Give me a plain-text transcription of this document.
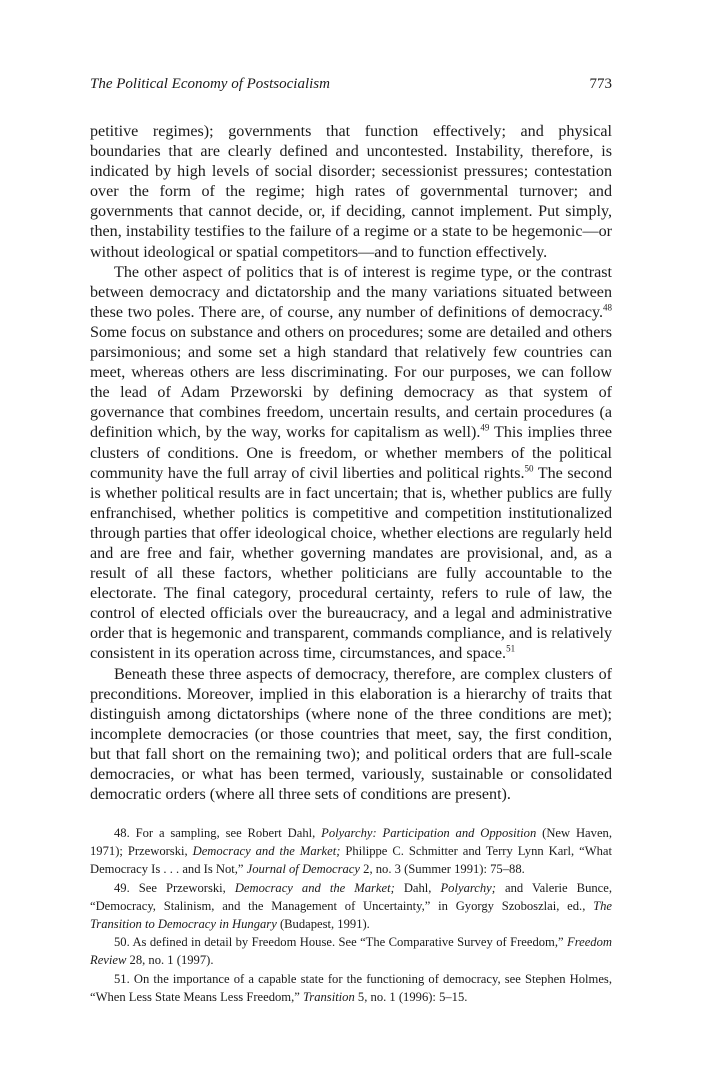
The Political Economy of Postsocialism	773

petitive regimes); governments that function effectively; and physical boundaries that are clearly defined and uncontested. Instability, therefore, is indicated by high levels of social disorder; secessionist pressures; contestation over the form of the regime; high rates of governmental turnover; and governments that cannot decide, or, if deciding, cannot implement. Put simply, then, instability testifies to the failure of a regime or a state to be hegemonic—or without ideological or spatial competitors—and to function effectively.

The other aspect of politics that is of interest is regime type, or the contrast between democracy and dictatorship and the many variations situated between these two poles. There are, of course, any number of definitions of democracy.$^{48}$ Some focus on substance and others on procedures; some are detailed and others parsimonious; and some set a high standard that relatively few countries can meet, whereas others are less discriminating. For our purposes, we can follow the lead of Adam Przeworski by defining democracy as that system of governance that combines freedom, uncertain results, and certain procedures (a definition which, by the way, works for capitalism as well).$^{49}$ This implies three clusters of conditions. One is freedom, or whether members of the political community have the full array of civil liberties and political rights.$^{50}$ The second is whether political results are in fact uncertain; that is, whether publics are fully enfranchised, whether politics is competitive and competition institutionalized through parties that offer ideological choice, whether elections are regularly held and are free and fair, whether governing mandates are provisional, and, as a result of all these factors, whether politicians are fully accountable to the electorate. The final category, procedural certainty, refers to rule of law, the control of elected officials over the bureaucracy, and a legal and administrative order that is hegemonic and transparent, commands compliance, and is relatively consistent in its operation across time, circumstances, and space.$^{51}$

Beneath these three aspects of democracy, therefore, are complex clusters of preconditions. Moreover, implied in this elaboration is a hierarchy of traits that distinguish among dictatorships (where none of the three conditions are met); incomplete democracies (or those countries that meet, say, the first condition, but that fall short on the remaining two); and political orders that are full-scale democracies, or what has been termed, variously, sustainable or consolidated democratic orders (where all three sets of conditions are present).

48. For a sampling, see Robert Dahl, Polyarchy: Participation and Opposition (New Haven, 1971); Przeworski, Democracy and the Market; Philippe C. Schmitter and Terry Lynn Karl, “What Democracy Is . . . and Is Not,” Journal of Democracy 2, no. 3 (Summer 1991): 75–88.

49. See Przeworski, Democracy and the Market; Dahl, Polyarchy; and Valerie Bunce, “Democracy, Stalinism, and the Management of Uncertainty,” in Gyorgy Szoboszlai, ed., The Transition to Democracy in Hungary (Budapest, 1991).

50. As defined in detail by Freedom House. See “The Comparative Survey of Freedom,” Freedom Review 28, no. 1 (1997).

51. On the importance of a capable state for the functioning of democracy, see Stephen Holmes, “When Less State Means Less Freedom,” Transition 5, no. 1 (1996): 5–15.
